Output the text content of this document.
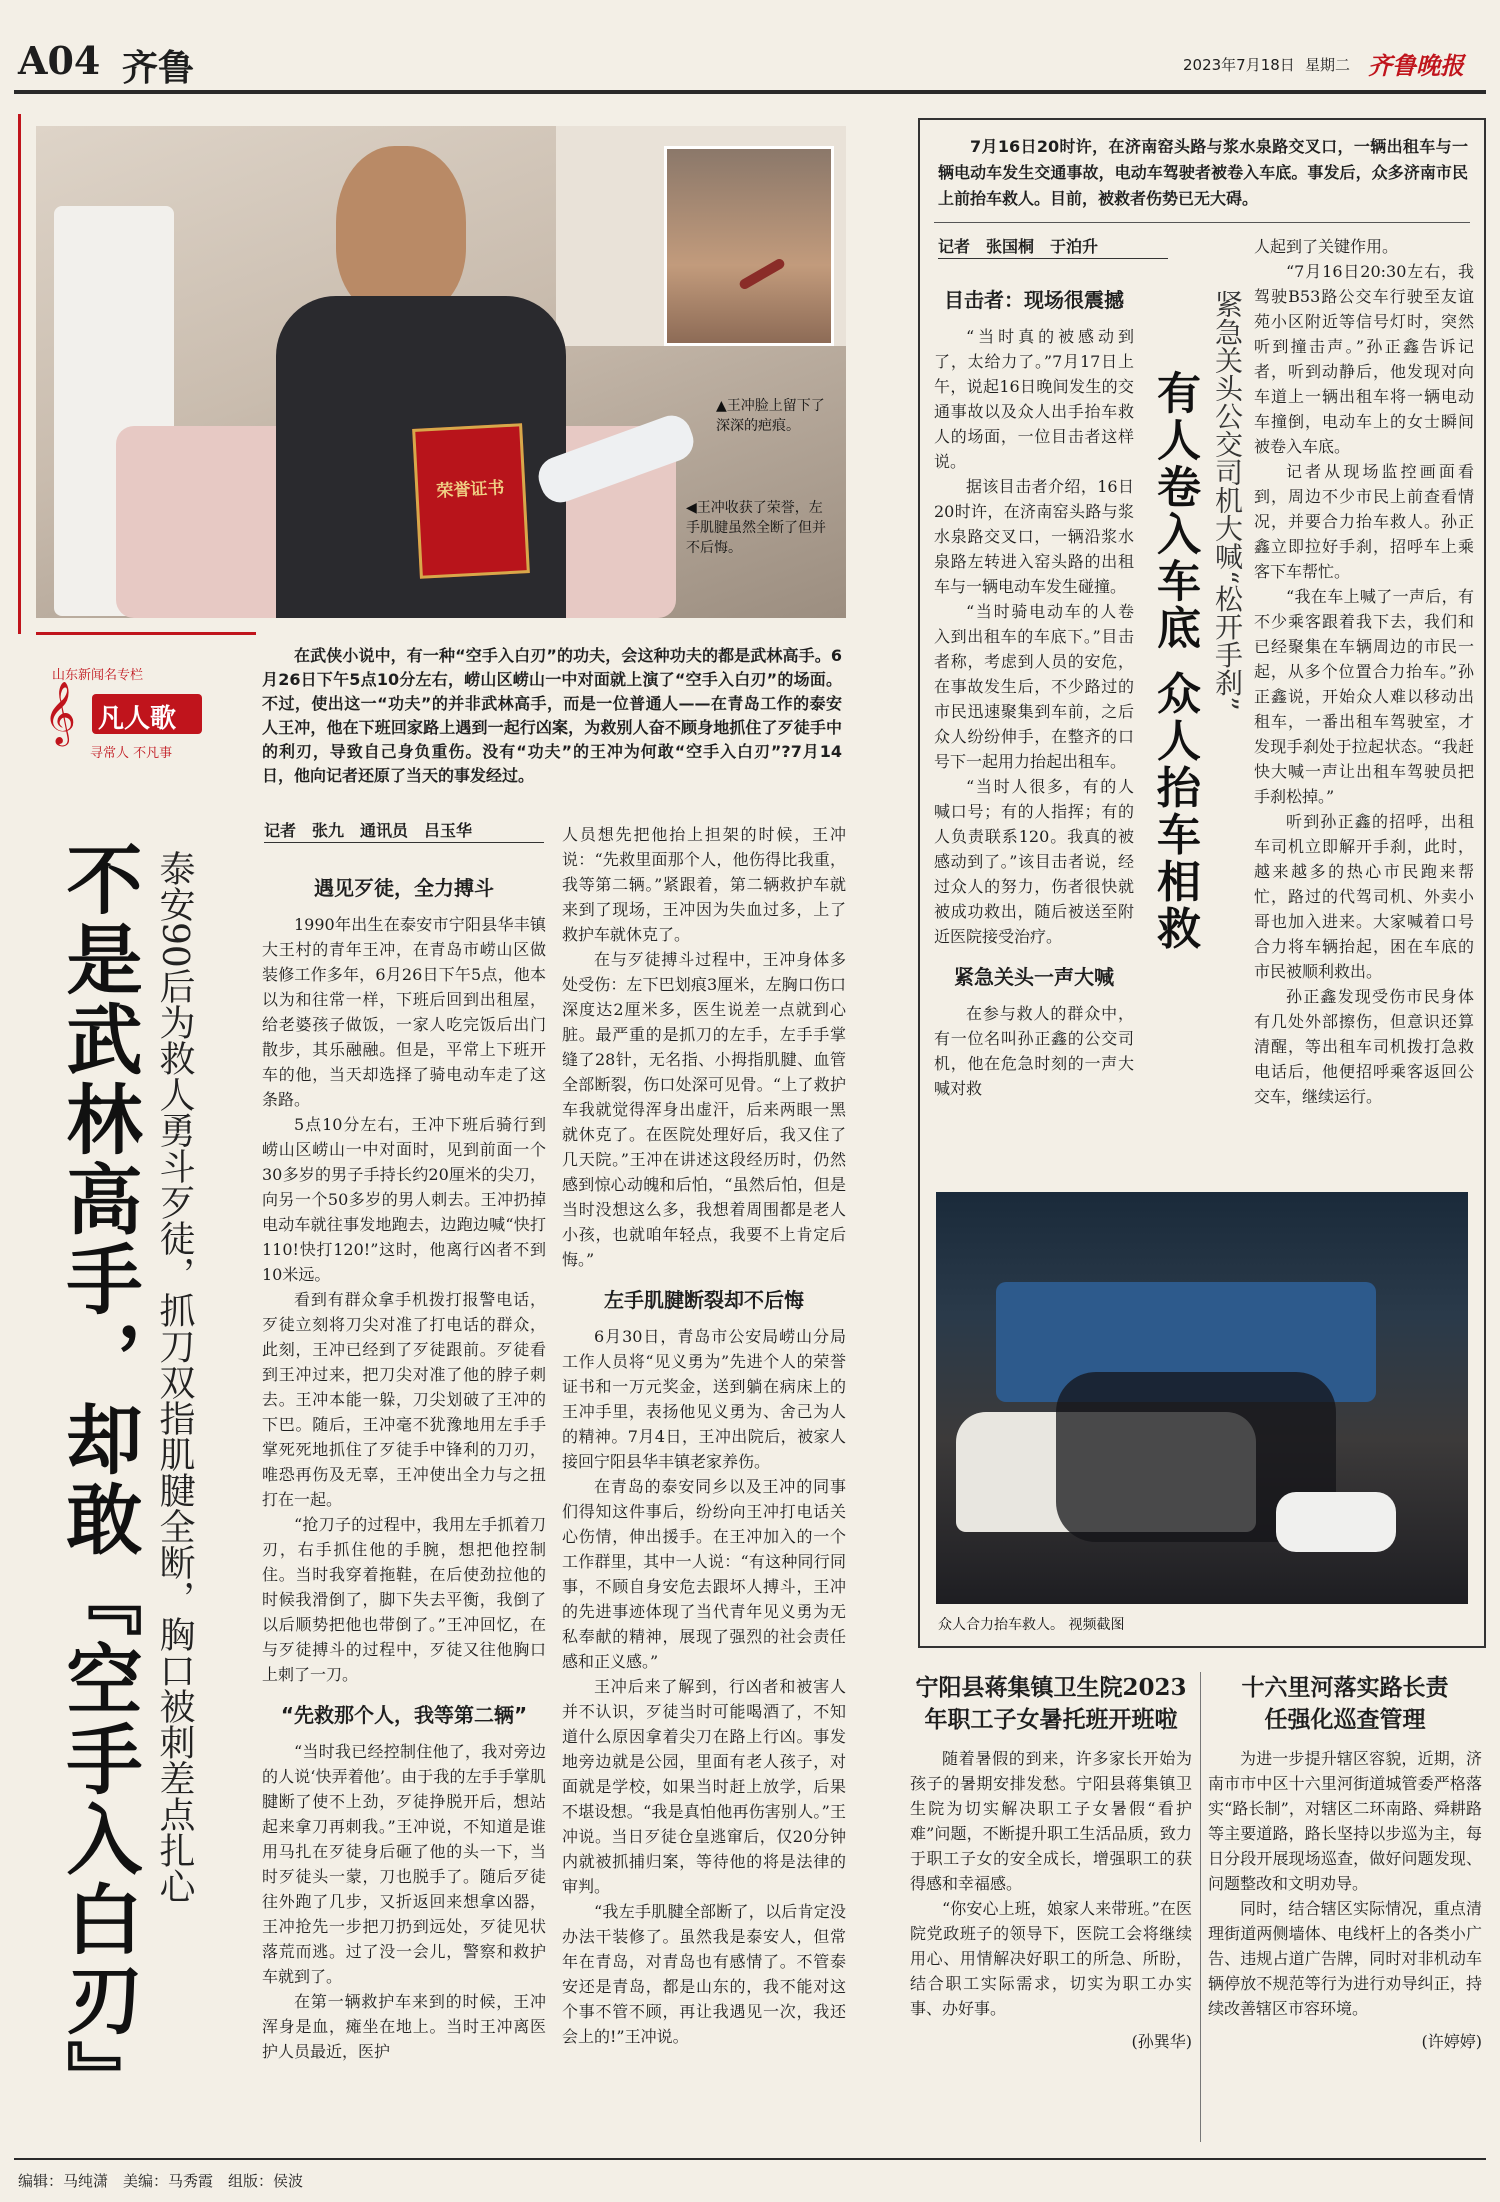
A04 齐鲁	2023年7月18日 星期二 齐鲁晚报
荣誉证书
▲王冲脸上留下了深深的疤痕。
◀王冲收获了荣誉，左手肌腱虽然全断了但并不后悔。
山东新闻名专栏
𝄞 凡人歌
寻常人 不凡事

在武侠小说中，有一种“空手入白刃”的功夫，会这种功夫的都是武林高手。6月26日下午5点10分左右，崂山区崂山一中对面就上演了“空手入白刃”的场面。不过，使出这一“功夫”的并非武林高手，而是一位普通人——在青岛工作的泰安人王冲，他在下班回家路上遇到一起行凶案，为救别人奋不顾身地抓住了歹徒手中的利刃，导致自己身负重伤。没有“功夫”的王冲为何敢“空手入白刃”?7月14日，他向记者还原了当天的事发经过。

记者　张九　通讯员　吕玉华
不是武林高手，却敢『空手入白刃』 泰安90后为救人勇斗歹徒，抓刀双指肌腱全断，胸口被刺差点扎心	遇见歹徒，全力搏斗

1990年出生在泰安市宁阳县华丰镇大王村的青年王冲，在青岛市崂山区做装修工作多年，6月26日下午5点，他本以为和往常一样，下班后回到出租屋，给老婆孩子做饭，一家人吃完饭后出门散步，其乐融融。但是，平常上下班开车的他，当天却选择了骑电动车走了这条路。

5点10分左右，王冲下班后骑行到崂山区崂山一中对面时，见到前面一个30多岁的男子手持长约20厘米的尖刀，向另一个50多岁的男人刺去。王冲扔掉电动车就往事发地跑去，边跑边喊“快打110!快打120!”这时，他离行凶者不到10米远。

看到有群众拿手机拨打报警电话，歹徒立刻将刀尖对准了打电话的群众，此刻，王冲已经到了歹徒跟前。歹徒看到王冲过来，把刀尖对准了他的脖子刺去。王冲本能一躲，刀尖划破了王冲的下巴。随后，王冲毫不犹豫地用左手手掌死死地抓住了歹徒手中锋利的刀刃，唯恐再伤及无辜，王冲使出全力与之扭打在一起。

“抢刀子的过程中，我用左手抓着刀刃，右手抓住他的手腕，想把他控制住。当时我穿着拖鞋，在后使劲拉他的时候我滑倒了，脚下失去平衡，我倒了以后顺势把他也带倒了。”王冲回忆，在与歹徒搏斗的过程中，歹徒又往他胸口上刺了一刀。

“先救那个人，我等第二辆”

“当时我已经控制住他了，我对旁边的人说‘快弄着他’。由于我的左手手掌肌腱断了使不上劲，歹徒挣脱开后，想站起来拿刀再刺我。”王冲说，不知道是谁用马扎在歹徒身后砸了他的头一下，当时歹徒头一蒙，刀也脱手了。随后歹徒往外跑了几步，又折返回来想拿凶器，王冲抢先一步把刀扔到远处，歹徒见状落荒而逃。过了没一会儿，警察和救护车就到了。

在第一辆救护车来到的时候，王冲浑身是血，瘫坐在地上。当时王冲离医护人员最近，医护

人员想先把他抬上担架的时候，王冲说：“先救里面那个人，他伤得比我重，我等第二辆。”紧跟着，第二辆救护车就来到了现场，王冲因为失血过多，上了救护车就休克了。

在与歹徒搏斗过程中，王冲身体多处受伤：左下巴划痕3厘米，左胸口伤口深度达2厘米多，医生说差一点就到心脏。最严重的是抓刀的左手，左手手掌缝了28针，无名指、小拇指肌腱、血管全部断裂，伤口处深可见骨。“上了救护车我就觉得浑身出虚汗，后来两眼一黑就休克了。在医院处理好后，我又住了几天院。”王冲在讲述这段经历时，仍然感到惊心动魄和后怕，“虽然后怕，但是当时没想这么多，我想着周围都是老人小孩，也就咱年轻点，我要不上肯定后悔。”

左手肌腱断裂却不后悔

6月30日，青岛市公安局崂山分局工作人员将“见义勇为”先进个人的荣誉证书和一万元奖金，送到躺在病床上的王冲手里，表扬他见义勇为、舍己为人的精神。7月4日，王冲出院后，被家人接回宁阳县华丰镇老家养伤。

在青岛的泰安同乡以及王冲的同事们得知这件事后，纷纷向王冲打电话关心伤情，伸出援手。在王冲加入的一个工作群里，其中一人说：“有这种同行同事，不顾自身安危去跟坏人搏斗，王冲的先进事迹体现了当代青年见义勇为无私奉献的精神，展现了强烈的社会责任感和正义感。”

王冲后来了解到，行凶者和被害人并不认识，歹徒当时可能喝酒了，不知道什么原因拿着尖刀在路上行凶。事发地旁边就是公园，里面有老人孩子，对面就是学校，如果当时赶上放学，后果不堪设想。“我是真怕他再伤害别人。”王冲说。当日歹徒仓皇逃窜后，仅20分钟内就被抓捕归案，等待他的将是法律的审判。

“我左手肌腱全部断了，以后肯定没办法干装修了。虽然我是泰安人，但常年在青岛，对青岛也有感情了。不管泰安还是青岛，都是山东的，我不能对这个事不管不顾，再让我遇见一次，我还会上的!”王冲说。

7月16日20时许，在济南窑头路与浆水泉路交叉口，一辆出租车与一辆电动车发生交通事故，电动车驾驶者被卷入车底。事发后，众多济南市民上前抬车救人。目前，被救者伤势已无大碍。

记者　张国桐　于泊升
目击者：现场很震撼

“当时真的被感动到了，太给力了。”7月17日上午，说起16日晚间发生的交通事故以及众人出手抬车救人的场面，一位目击者这样说。

据该目击者介绍，16日20时许，在济南窑头路与浆水泉路交叉口，一辆沿浆水泉路左转进入窑头路的出租车与一辆电动车发生碰撞。

“当时骑电动车的人卷入到出租车的车底下。”目击者称，考虑到人员的安危，在事故发生后，不少路过的市民迅速聚集到车前，之后众人纷纷伸手，在整齐的口号下一起用力抬起出租车。

“当时人很多，有的人喊口号；有的人指挥；有的人负责联系120。我真的被感动到了。”该目击者说，经过众人的努力，伤者很快就被成功救出，随后被送至附近医院接受治疗。

紧急关头一声大喊

在参与救人的群众中，有一位名叫孙正鑫的公交司机，他在危急时刻的一声大喊对救

有人卷入车底 众人抬车相救 紧急关头公交司机大喊“松开手刹”

人起到了关键作用。

“7月16日20:30左右，我驾驶B53路公交车行驶至友谊苑小区附近等信号灯时，突然听到撞击声。”孙正鑫告诉记者，听到动静后，他发现对向车道上一辆出租车将一辆电动车撞倒，电动车上的女士瞬间被卷入车底。

记者从现场监控画面看到，周边不少市民上前查看情况，并要合力抬车救人。孙正鑫立即拉好手刹，招呼车上乘客下车帮忙。

“我在车上喊了一声后，有不少乘客跟着我下去，我们和已经聚集在车辆周边的市民一起，从多个位置合力抬车。”孙正鑫说，开始众人难以移动出租车，一番出租车驾驶室，才发现手刹处于拉起状态。“我赶快大喊一声让出租车驾驶员把手刹松掉。”

听到孙正鑫的招呼，出租车司机立即解开手刹，此时，越来越多的热心市民跑来帮忙，路过的代驾司机、外卖小哥也加入进来。大家喊着口号合力将车辆抬起，困在车底的市民被顺利救出。

孙正鑫发现受伤市民身体有几处外部擦伤，但意识还算清醒，等出租车司机拨打急救电话后，他便招呼乘客返回公交车，继续运行。

众人合力抬车救人。 视频截图
宁阳县蒋集镇卫生院2023年职工子女暑托班开班啦

随着暑假的到来，许多家长开始为孩子的暑期安排发愁。宁阳县蒋集镇卫生院为切实解决职工子女暑假“看护难”问题，不断提升职工生活品质，致力于职工子女的安全成长，增强职工的获得感和幸福感。

“你安心上班，娘家人来带班。”在医院党政班子的领导下，医院工会将继续用心、用情解决好职工的所急、所盼，结合职工实际需求，切实为职工办实事、办好事。

(孙巽华)
十六里河落实路长责任强化巡查管理

为进一步提升辖区容貌，近期，济南市市中区十六里河街道城管委严格落实“路长制”，对辖区二环南路、舜耕路等主要道路，路长坚持以步巡为主，每日分段开展现场巡查，做好问题发现、问题整改和文明劝导。

同时，结合辖区实际情况，重点清理街道两侧墙体、电线杆上的各类小广告、违规占道广告牌，同时对非机动车辆停放不规范等行为进行劝导纠正，持续改善辖区市容环境。

(许婷婷)
编辑：马纯潇　美编：马秀霞　组版：侯波
